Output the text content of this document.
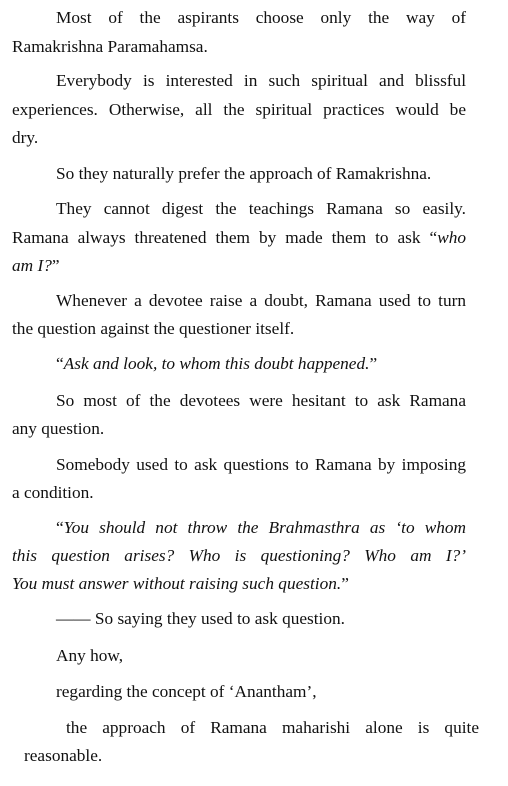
Most of the aspirants choose only the way of
Ramakrishna Paramahamsa.
Everybody is interested in such spiritual and blissful
experiences. Otherwise, all the spiritual practices would be
dry.
So they naturally prefer the approach of Ramakrishna.
They cannot digest the teachings Ramana so easily.
Ramana always threatened them by made them to ask “who
am I?”
Whenever a devotee raise a doubt, Ramana used to turn
the question against the questioner itself.
“Ask and look, to whom this doubt happened.”
So most of the devotees were hesitant to ask Ramana
any question.
Somebody used to ask questions to Ramana by imposing
a condition.
“You should not throw the Brahmasthra as ‘to whom
this question arises? Who is questioning? Who am I?’
You must answer without raising such question.”
—— So saying they used to ask question.
Any how,
regarding the concept of ‘Anantham’,
the approach of Ramana maharishi alone is quite
reasonable.
